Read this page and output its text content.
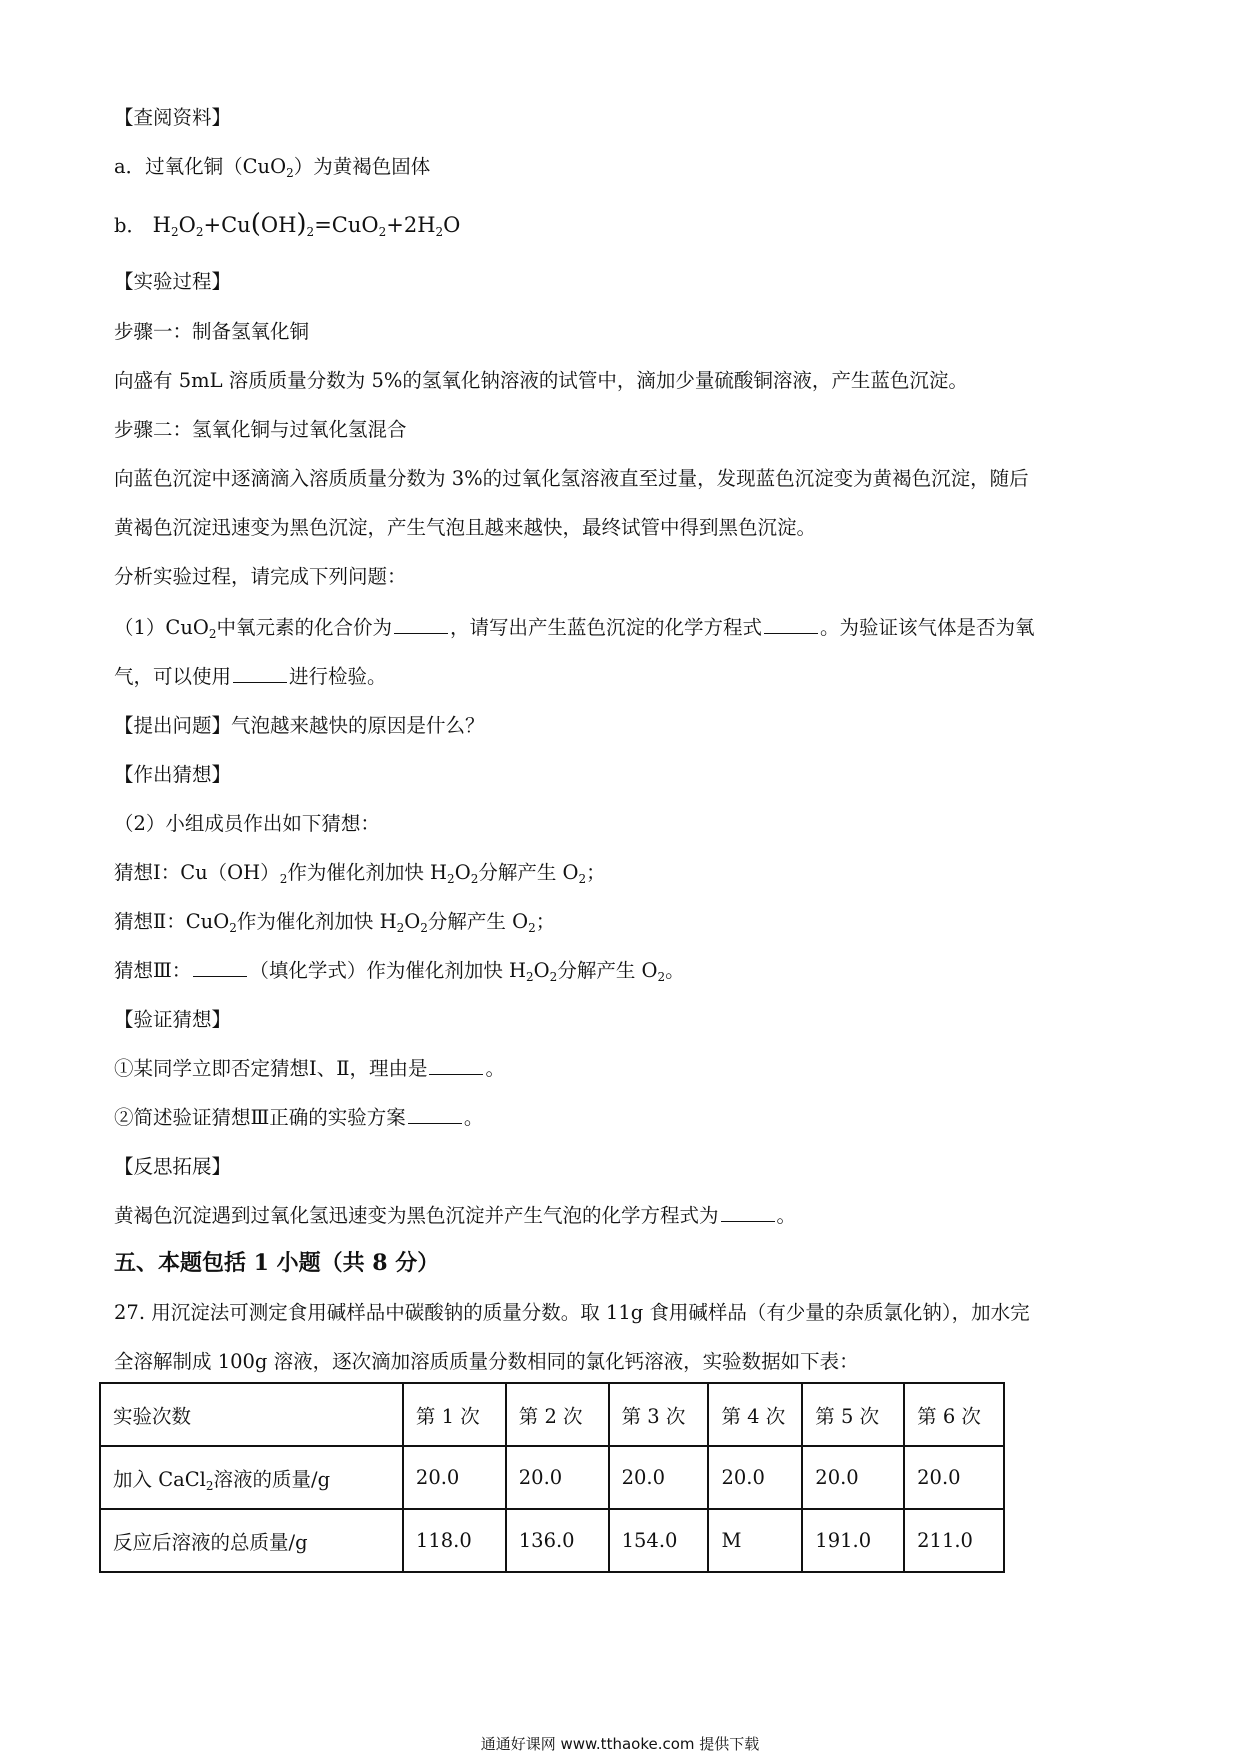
【查阅资料】
a．过氧化铜（CuO$_2$）为黄褐色固体
b． $H_2O_2+Cu(OH)_2=CuO_2+2H_2O$
【实验过程】
步骤一：制备氢氧化铜
向盛有 5mL 溶质质量分数为 5%的氢氧化钠溶液的试管中，滴加少量硫酸铜溶液，产生蓝色沉淀。
步骤二：氢氧化铜与过氧化氢混合
向蓝色沉淀中逐滴滴入溶质质量分数为 3%的过氧化氢溶液直至过量，发现蓝色沉淀变为黄褐色沉淀，随后
黄褐色沉淀迅速变为黑色沉淀，产生气泡且越来越快，最终试管中得到黑色沉淀。
分析实验过程，请完成下列问题：
（1）CuO$_2$中氧元素的化合价为	，请写出产生蓝色沉淀的化学方程式	。为验证该气体是否为氧
气，可以使用	进行检验。
【提出问题】气泡越来越快的原因是什么？
【作出猜想】
（2）小组成员作出如下猜想：
猜想Ⅰ：$Cu(OH)_2$作为催化剂加快 $H_2O_2$分解产生 $O_2$；
猜想Ⅱ：CuO$_2$作为催化剂加快 $H_2O_2$分解产生 $O_2$；
猜想Ⅲ：	（填化学式）作为催化剂加快 $H_2O_2$分解产生 $O_2$。
【验证猜想】
①某同学立即否定猜想Ⅰ、Ⅱ，理由是	。
②简述验证猜想Ⅲ正确的实验方案	。
【反思拓展】
黄褐色沉淀遇到过氧化氢迅速变为黑色沉淀并产生气泡的化学方程式为	。
五、本题包括 1 小题（共 8 分）
27. 用沉淀法可测定食用碱样品中碳酸钠的质量分数。取 11g 食用碱样品（有少量的杂质氯化钠），加水完
全溶解制成 100g 溶液，逐次滴加溶质质量分数相同的氯化钙溶液，实验数据如下表：
实验次数	第 1 次	第 2 次	第 3 次	第 4 次	第 5 次	第 6 次
加入 CaCl$_2$溶液的质量/g	20.0	20.0	20.0	20.0	20.0	20.0
反应后溶液的总质量/g	118.0	136.0	154.0	M	191.0	211.0
通通好课网 www.tthaoke.com 提供下载
